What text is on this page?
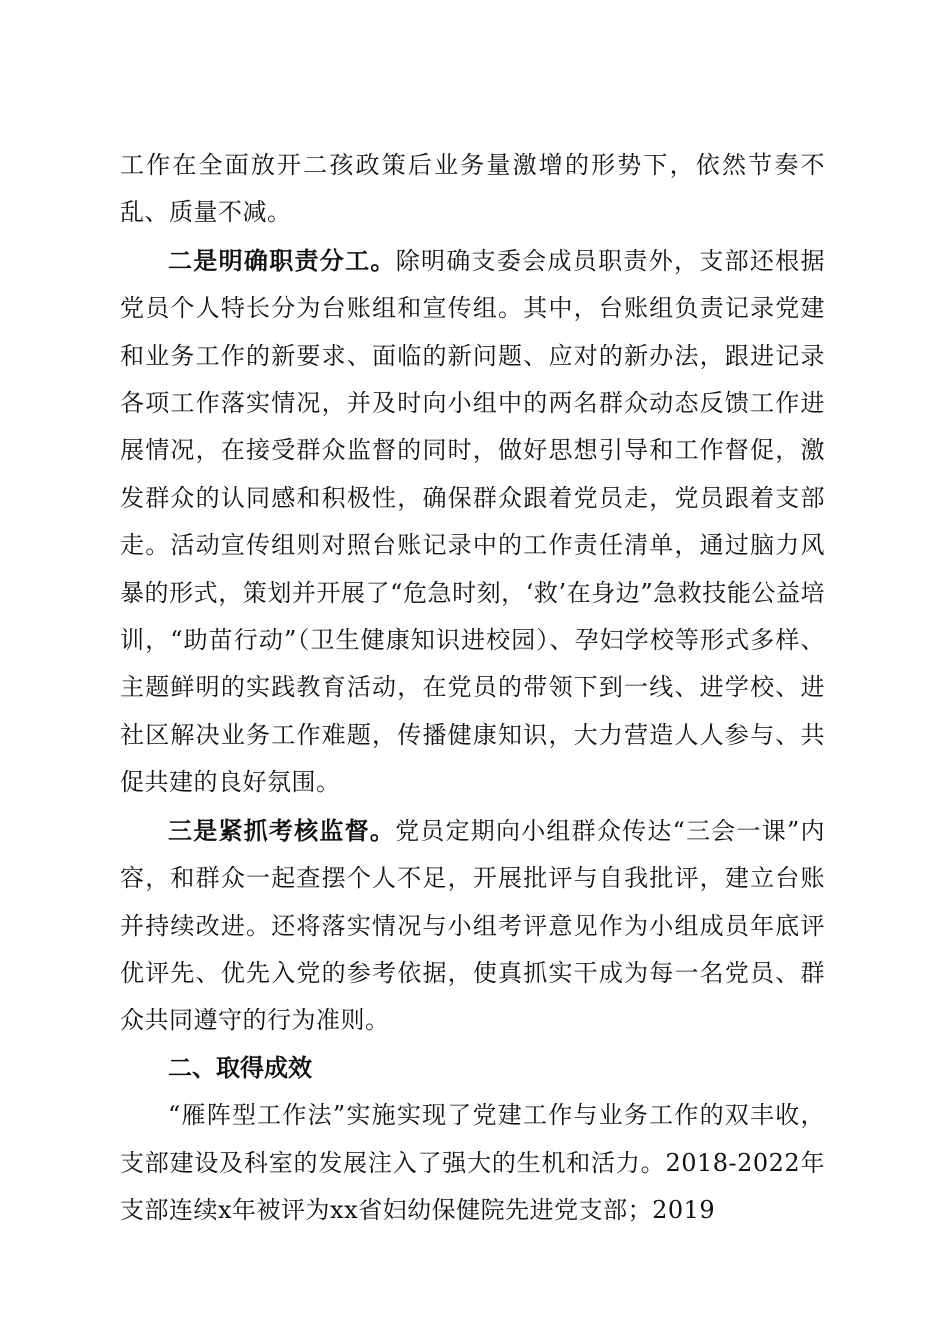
工作在全面放开二孩政策后业务量激增的形势下，依然节奏不乱、质量不减。

二是明确职责分工。除明确支委会成员职责外，支部还根据党员个人特长分为台账组和宣传组。其中，台账组负责记录党建和业务工作的新要求、面临的新问题、应对的新办法，跟进记录各项工作落实情况，并及时向小组中的两名群众动态反馈工作进展情况，在接受群众监督的同时，做好思想引导和工作督促，激发群众的认同感和积极性，确保群众跟着党员走，党员跟着支部走。活动宣传组则对照台账记录中的工作责任清单，通过脑力风暴的形式，策划并开展了“危急时刻，‘救’在身边”急救技能公益培训，“助苗行动”（卫生健康知识进校园）、孕妇学校等形式多样、主题鲜明的实践教育活动，在党员的带领下到一线、进学校、进社区解决业务工作难题，传播健康知识，大力营造人人参与、共促共建的良好氛围。

三是紧抓考核监督。党员定期向小组群众传达“三会一课”内容，和群众一起查摆个人不足，开展批评与自我批评，建立台账并持续改进。还将落实情况与小组考评意见作为小组成员年底评优评先、优先入党的参考依据，使真抓实干成为每一名党员、群众共同遵守的行为准则。

二、取得成效

“雁阵型工作法”实施实现了党建工作与业务工作的双丰收，支部建设及科室的发展注入了强大的生机和活力。2018-2022年支部连续x年被评为xx省妇幼保健院先进党支部；2019
